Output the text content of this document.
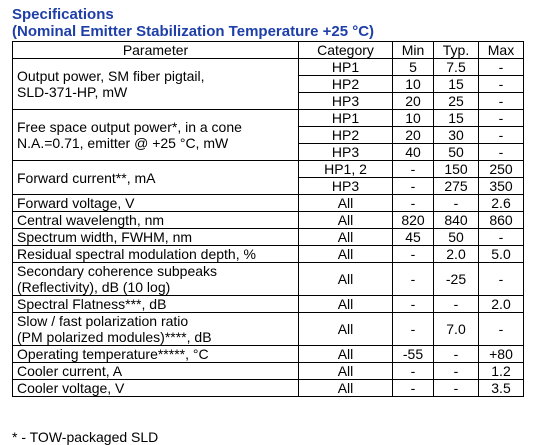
Specifications
(Nominal Emitter Stabilization Temperature +25 °C)
Parameter	Category	Min	Typ.	Max

Output power, SM fiber pigtail,
SLD-371-HP, mW	HP1	5	7.5	-
	HP2	10	15	-
	HP3	20	25	-

Free space output power*, in a cone
N.A.=0.71, emitter @ +25 °C, mW	HP1	10	15	-
	HP2	20	30	-
	HP3	40	50	-

Forward current**, mA	HP1, 2	-	150	250
	HP3	-	275	350

Forward voltage, V	All	-	-	2.6

Central wavelength, nm	All	820	840	860

Spectrum width, FWHM, nm	All	45	50	-

Residual spectral modulation depth, %	All	-	2.0	5.0

Secondary coherence subpeaks
(Reflectivity), dB (10 log)	All	-	-25	-

Spectral Flatness***, dB	All	-	-	2.0

Slow / fast polarization ratio
(PM polarized modules)****, dB	All	-	7.0	-

Operating temperature*****, °C	All	-55	-	+80

Cooler current, A	All	-	-	1.2

Cooler voltage, V	All	-	-	3.5
* - TOW-packaged SLD
